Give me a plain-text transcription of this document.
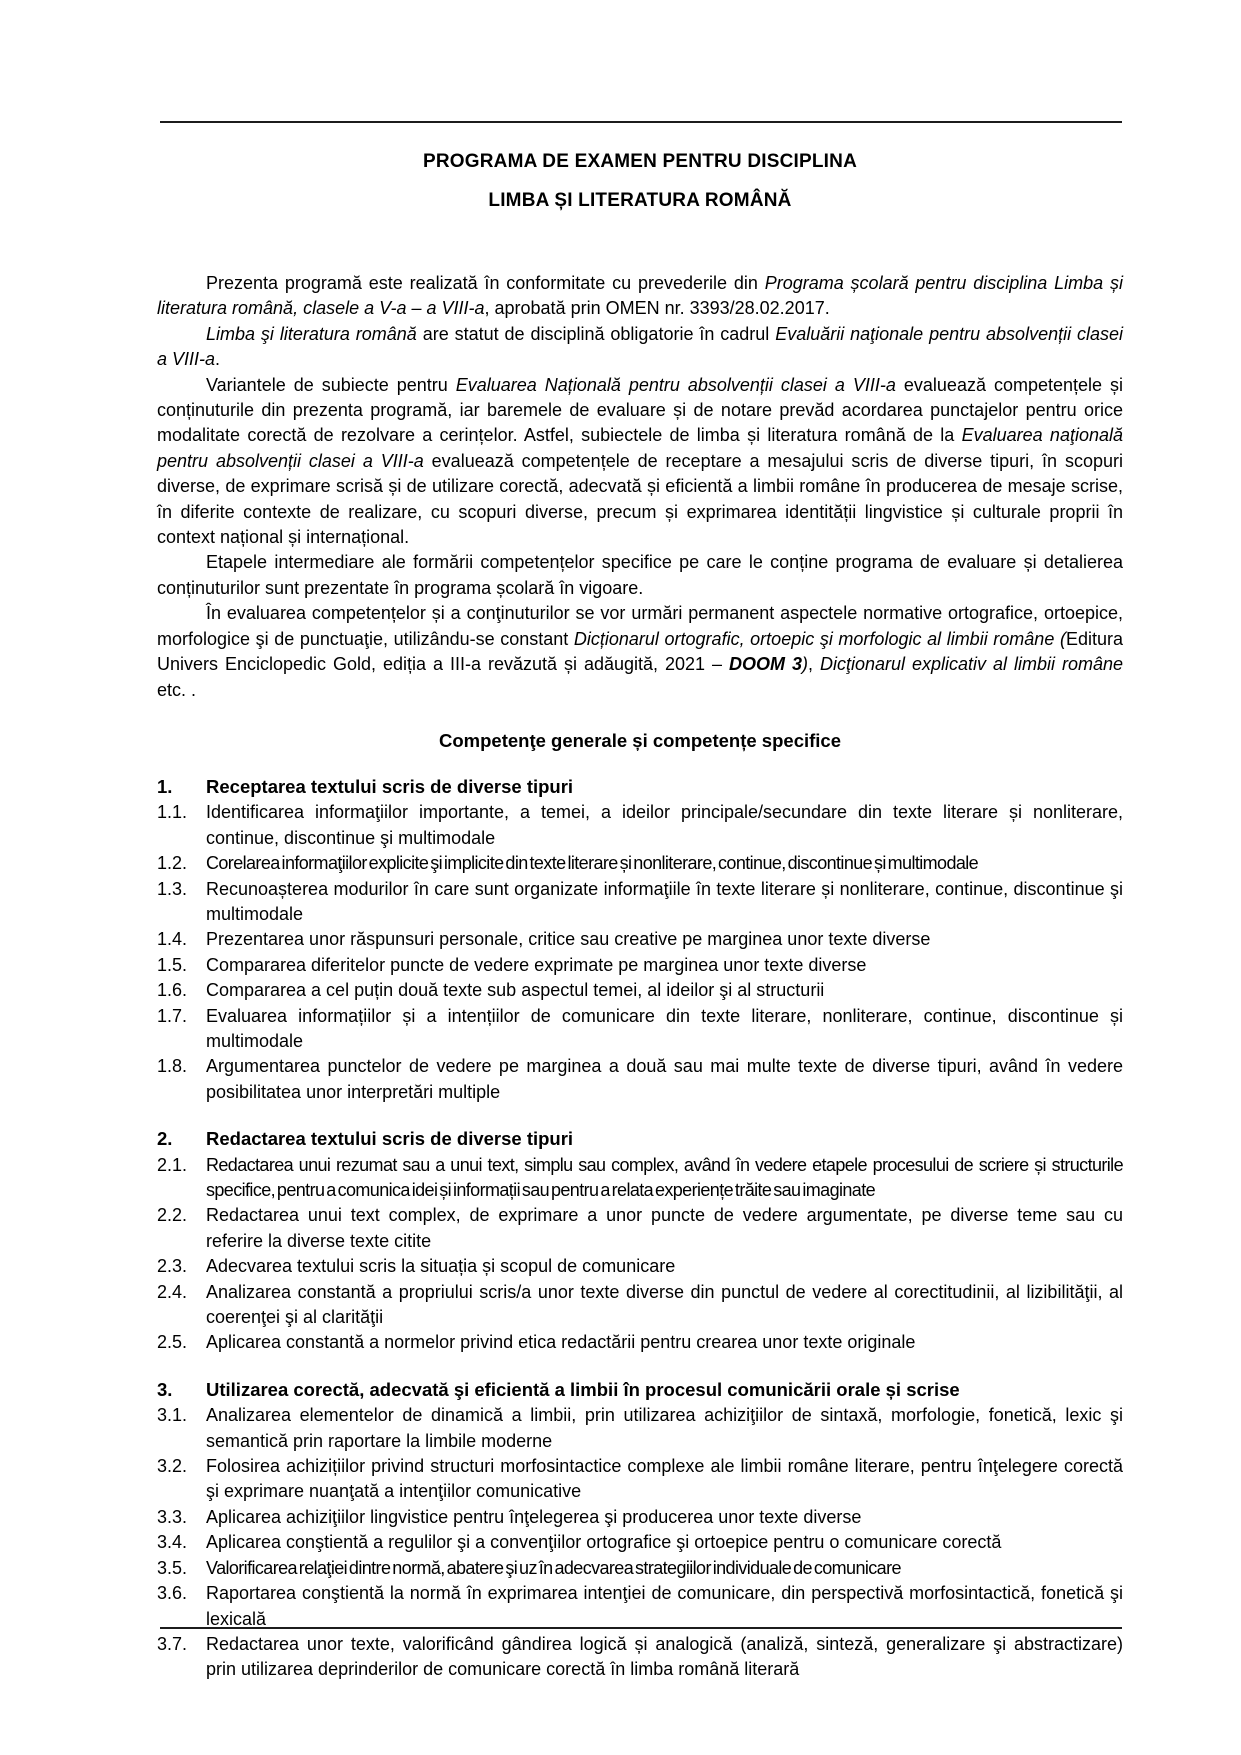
PROGRAMA DE EXAMEN PENTRU DISCIPLINA
LIMBA ȘI LITERATURA ROMÂNĂ

Prezenta programă este realizată în conformitate cu prevederile din Programa școlară pentru disciplina Limba și literatura română, clasele a V-a – a VIII-a, aprobată prin OMEN nr. 3393/28.02.2017.

Limba şi literatura română are statut de disciplină obligatorie în cadrul Evaluării naţionale pentru absolvenții clasei a VIII-a.

Variantele de subiecte pentru Evaluarea Națională pentru absolvenții clasei a VIII-a evaluează competențele și conținuturile din prezenta programă, iar baremele de evaluare și de notare prevăd acordarea punctajelor pentru orice modalitate corectă de rezolvare a cerințelor. Astfel, subiectele de limba și literatura română de la Evaluarea naţională pentru absolvenții clasei a VIII-a evaluează competențele de receptare a mesajului scris de diverse tipuri, în scopuri diverse, de exprimare scrisă și de utilizare corectă, adecvată și eficientă a limbii române în producerea de mesaje scrise, în diferite contexte de realizare, cu scopuri diverse, precum și exprimarea identității lingvistice și culturale proprii în context național și internațional.

Etapele intermediare ale formării competențelor specifice pe care le conține programa de evaluare și detalierea conținuturilor sunt prezentate în programa școlară în vigoare.

În evaluarea competențelor și a conţinuturilor se vor urmări permanent aspectele normative ortografice, ortoepice, morfologice şi de punctuaţie, utilizându-se constant Dicționarul ortografic, ortoepic şi morfologic al limbii române (Editura Univers Enciclopedic Gold, ediția a III-a revăzută și adăugită, 2021 – DOOM 3), Dicţionarul explicativ al limbii române etc. .

Competenţe generale și competențe specifice
1.	Receptarea textului scris de diverse tipuri
1.1.	Identificarea informaţiilor importante, a temei, a ideilor principale/secundare din texte literare și nonliterare, continue, discontinue şi multimodale
1.2.	Corelarea informaţiilor explicite şi implicite din texte literare și nonliterare, continue, discontinue și multimodale
1.3.	Recunoașterea modurilor în care sunt organizate informaţiile în texte literare și nonliterare, continue, discontinue şi multimodale
1.4.	Prezentarea unor răspunsuri personale, critice sau creative pe marginea unor texte diverse
1.5.	Compararea diferitelor puncte de vedere exprimate pe marginea unor texte diverse
1.6.	Compararea a cel puțin două texte sub aspectul temei, al ideilor şi al structurii
1.7.	Evaluarea informațiilor și a intențiilor de comunicare din texte literare, nonliterare, continue, discontinue și multimodale
1.8.	Argumentarea punctelor de vedere pe marginea a două sau mai multe texte de diverse tipuri, având în vedere posibilitatea unor interpretări multiple
2.	Redactarea textului scris de diverse tipuri
2.1.	Redactarea unui rezumat sau a unui text, simplu sau complex, având în vedere etapele procesului de scriere și structurile specifice, pentru a comunica idei și informații sau pentru a relata experiențe trăite sau imaginate
2.2.	Redactarea unui text complex, de exprimare a unor puncte de vedere argumentate, pe diverse teme sau cu referire la diverse texte citite
2.3.	Adecvarea textului scris la situația și scopul de comunicare
2.4.	Analizarea constantă a propriului scris/a unor texte diverse din punctul de vedere al corectitudinii, al lizibilităţii, al coerenţei şi al clarităţii
2.5.	Aplicarea constantă a normelor privind etica redactării pentru crearea unor texte originale
3.	Utilizarea corectă, adecvată şi eficientă a limbii în procesul comunicării orale și scrise
3.1.	Analizarea elementelor de dinamică a limbii, prin utilizarea achiziţiilor de sintaxă, morfologie, fonetică, lexic şi semantică prin raportare la limbile moderne
3.2.	Folosirea achizițiilor privind structuri morfosintactice complexe ale limbii române literare, pentru înţelegere corectă şi exprimare nuanţată a intenţiilor comunicative
3.3.	Aplicarea achiziţiilor lingvistice pentru înţelegerea şi producerea unor texte diverse
3.4.	Aplicarea conştientă a regulilor şi a convenţiilor ortografice şi ortoepice pentru o comunicare corectă
3.5.	Valorificarea relaţiei dintre normă, abatere şi uz în adecvarea strategiilor individuale de comunicare
3.6.	Raportarea conştientă la normă în exprimarea intenţiei de comunicare, din perspectivă morfosintactică, fonetică şi lexicală
3.7.	Redactarea unor texte, valorificând gândirea logică și analogică (analiză, sinteză, generalizare şi abstractizare) prin utilizarea deprinderilor de comunicare corectă în limba română literară
